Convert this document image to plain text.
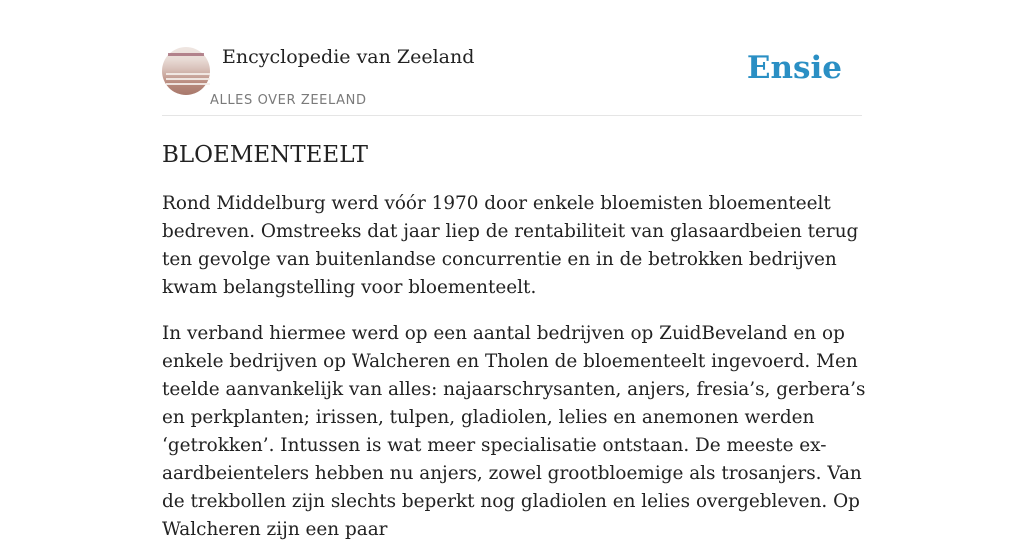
Encyclopedie van Zeeland
ALLES OVER ZEELAND
Ensie
BLOEMENTEELT

Rond Middelburg werd vóór 1970 door enkele bloemisten bloementeelt bedreven. Omstreeks dat jaar liep de rentabiliteit van glasaardbeien terug ten gevolge van buitenlandse concurrentie en in de betrokken bedrijven kwam belangstelling voor bloementeelt.

In verband hiermee werd op een aantal bedrijven op ZuidBeveland en op enkele bedrijven op Walcheren en Tholen de bloementeelt ingevoerd. Men teelde aanvankelijk van alles: najaarschrysanten, anjers, fresia’s, gerbera’s en perkplanten; irissen, tulpen, gladiolen, lelies en anemonen werden ‘getrokken’. Intussen is wat meer specialisatie ontstaan. De meeste ex-aardbeientelers hebben nu anjers, zowel grootbloemige als trosanjers. Van de trekbollen zijn slechts beperkt nog gladiolen en lelies overgebleven. Op Walcheren zijn een paar
